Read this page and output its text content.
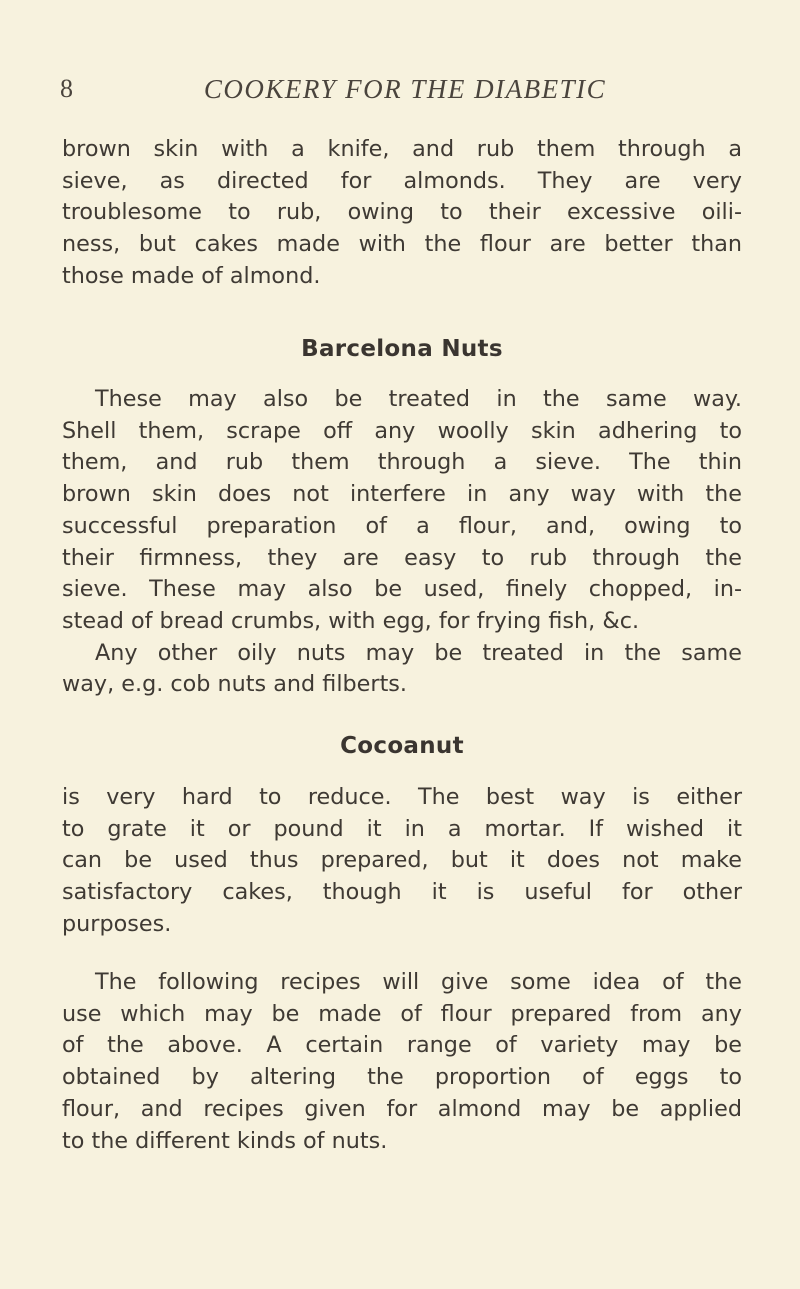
8	COOKERY FOR THE DIABETIC
brown skin with a knife, and rub them through a
sieve, as directed for almonds. They are very
troublesome to rub, owing to their excessive oili-
ness, but cakes made with the flour are better than
those made of almond.
Barcelona Nuts
These may also be treated in the same way.
Shell them, scrape off any woolly skin adhering to
them, and rub them through a sieve. The thin
brown skin does not interfere in any way with the
successful preparation of a flour, and, owing to
their firmness, they are easy to rub through the
sieve. These may also be used, finely chopped, in-
stead of bread crumbs, with egg, for frying fish, &c.
Any other oily nuts may be treated in the same
way, e.g. cob nuts and filberts.
Cocoanut
is very hard to reduce. The best way is either
to grate it or pound it in a mortar. If wished it
can be used thus prepared, but it does not make
satisfactory cakes, though it is useful for other
purposes.
The following recipes will give some idea of the
use which may be made of flour prepared from any
of the above. A certain range of variety may be
obtained by altering the proportion of eggs to
flour, and recipes given for almond may be applied
to the different kinds of nuts.
